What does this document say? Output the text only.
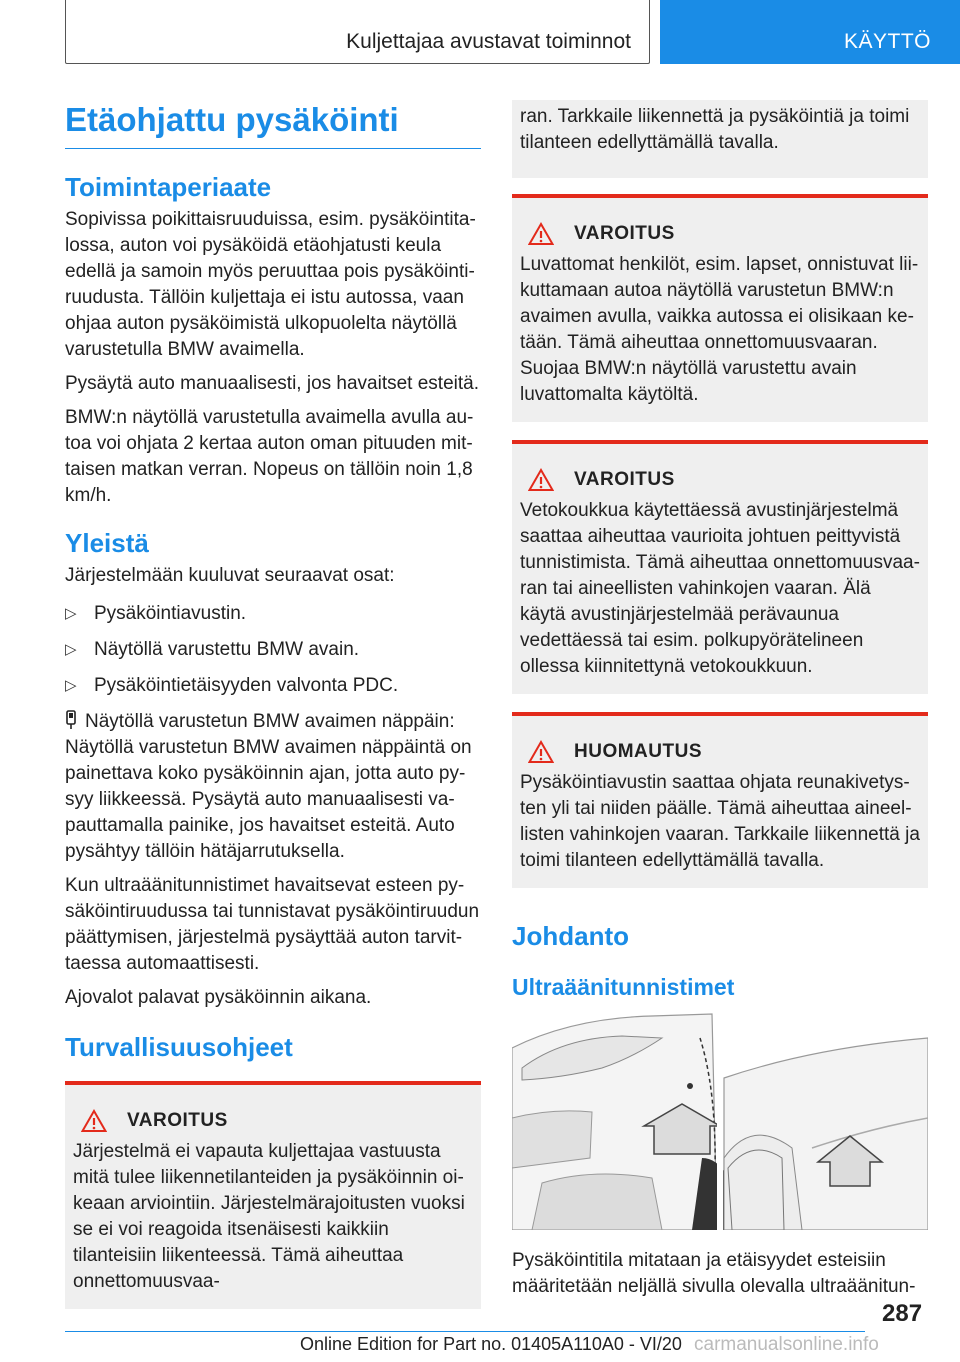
Kuljettajaa avustavat toiminnot	KÄYTTÖ
Etäohjattu pysäköinti
Toimintaperiaate

Sopivissa poikittaisruuduissa, esim. pysäköintitalossa, auton voi pysäköidä etäohjatusti keula edellä ja samoin myös peruuttaa pois pysäköintiruudusta. Tällöin kuljettaja ei istu autossa, vaan ohjaa auton pysäköimistä ulkopuolelta näytöllä varustetulla BMW avaimella.

Pysäytä auto manuaalisesti, jos havaitset esteitä.

BMW:n näytöllä varustetulla avaimella avulla autoa voi ohjata 2 kertaa auton oman pituuden mittaisen matkan verran. Nopeus on tällöin noin 1,8 km/h.

Yleistä

Järjestelmään kuuluvat seuraavat osat:

▷ Pysäköintiavustin.
▷ Näytöllä varustettu BMW avain.
▷ Pysäköintietäisyyden valvonta PDC.

Näytöllä varustetun BMW avaimen näppäin:

Näytöllä varustetun BMW avaimen näppäintä on painettava koko pysäköinnin ajan, jotta auto pysyy liikkeessä. Pysäytä auto manuaalisesti vapauttamalla painike, jos havaitset esteitä. Auto pysähtyy tällöin hätäjarrutuksella.

Kun ultraäänitunnistimet havaitsevat esteen pysäköintiruudussa tai tunnistavat pysäköintiruudun päättymisen, järjestelmä pysäyttää auton tarvittaessa automaattisesti.

Ajovalot palavat pysäköinnin aikana.

Turvallisuusohjeet
VAROITUS

Järjestelmä ei vapauta kuljettajaa vastuusta mitä tulee liikennetilanteiden ja pysäköinnin oikeaan arviointiin. Järjestelmärajoitusten vuoksi se ei voi reagoida itsenäisesti kaikkiin tilanteisiin liikenteessä. Tämä aiheuttaa onnettomuusvaa-

ran. Tarkkaile liikennettä ja pysäköintiä ja toimi tilanteen edellyttämällä tavalla.

VAROITUS

Luvattomat henkilöt, esim. lapset, onnistuvat liikuttamaan autoa näytöllä varustetun BMW:n avaimen avulla, vaikka autossa ei olisikaan ketään. Tämä aiheuttaa onnettomuusvaaran. Suojaa BMW:n näytöllä varustettu avain luvattomalta käytöltä.

VAROITUS

Vetokoukkua käytettäessä avustinjärjestelmä saattaa aiheuttaa vaurioita johtuen peittyvistä tunnistimista. Tämä aiheuttaa onnettomuusvaaran tai aineellisten vahinkojen vaaran. Älä käytä avustinjärjestelmää perävaunua vedettäessä tai esim. polkupyörätelineen ollessa kiinnitettynä vetokoukkuun.

HUOMAUTUS

Pysäköintiavustin saattaa ohjata reunakivetysten yli tai niiden päälle. Tämä aiheuttaa aineellisten vahinkojen vaaran. Tarkkaile liikennettä ja toimi tilanteen edellyttämällä tavalla.

Johdanto
Ultraäänitunnistimet

Pysäköintitila mitataan ja etäisyydet esteisiin määritetään neljällä sivulla olevalla ultraäänitun-

287
Online Edition for Part no. 01405A110A0 - VI/20 carmanualsonline.info
